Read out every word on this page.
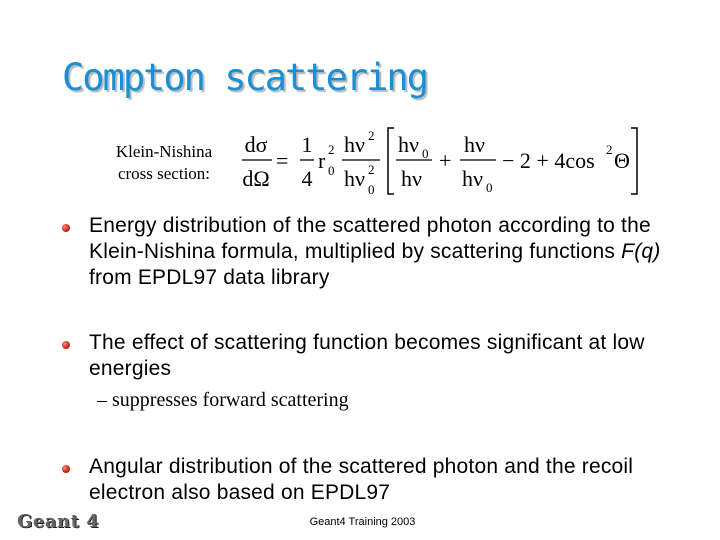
Compton scattering
Klein-Nishina
cross section:
dσ
dΩ
=
1
4
r 2
0
hν 2
hν 2
0
hν 0
hν
+
hν
hν 0
− 2 + 4cos 2 Θ
Energy distribution of the scattered photon according to the Klein-Nishina formula, multiplied by scattering functions F(q) from EPDL97 data library
The effect of scattering function becomes significant at low energies
– suppresses forward scattering
Angular distribution of the scattered photon and the recoil electron also based on EPDL97
Geant 4	Geant4 Training 2003
